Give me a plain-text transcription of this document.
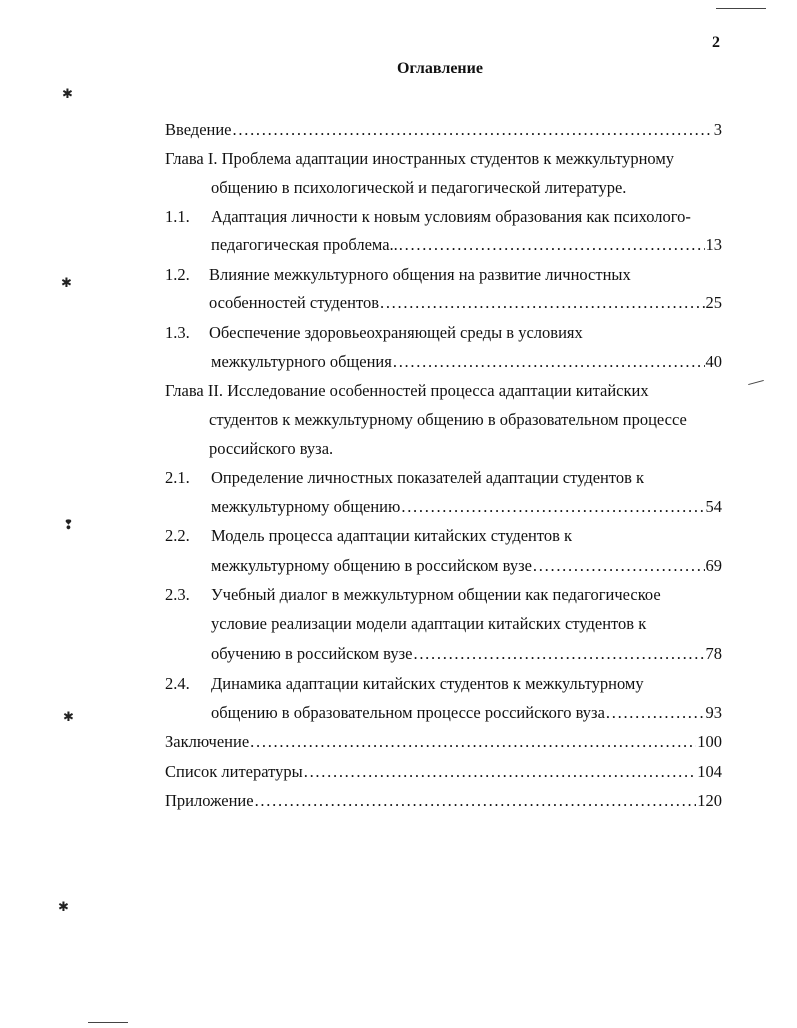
✱
✱
❢
✱
✱
2
Оглавление
Введение . . .	3
Глава I. Проблема адаптации иностранных студентов к межкультурному
общению в психологической и педагогической литературе.
1.1. Адаптация личности к новым условиям образования как психолого-
педагогическая проблема.. . . .	13
1.2. Влияние межкультурного общения на развитие личностных
особенностей студентов . . .	25
1.3. Обеспечение здоровьеохраняющей среды в условиях
межкультурного общения . . .	40
Глава II. Исследование особенностей процесса адаптации китайских
студентов к межкультурному общению в образовательном процессе
российского вуза.
2.1. Определение личностных показателей адаптации студентов к
межкультурному общению . . .	54
2.2. Модель процесса адаптации китайских студентов к
межкультурному общению в российском вузе . . .	69
2.3. Учебный диалог в межкультурном общении как педагогическое
условие реализации модели адаптации китайских студентов к
обучению в российском вузе . . .	78
2.4. Динамика адаптации китайских студентов к межкультурному
общению в образовательном процессе российского вуза . . .	93
Заключение . . .	100
Список литературы . . .	104
Приложение . . .	120
